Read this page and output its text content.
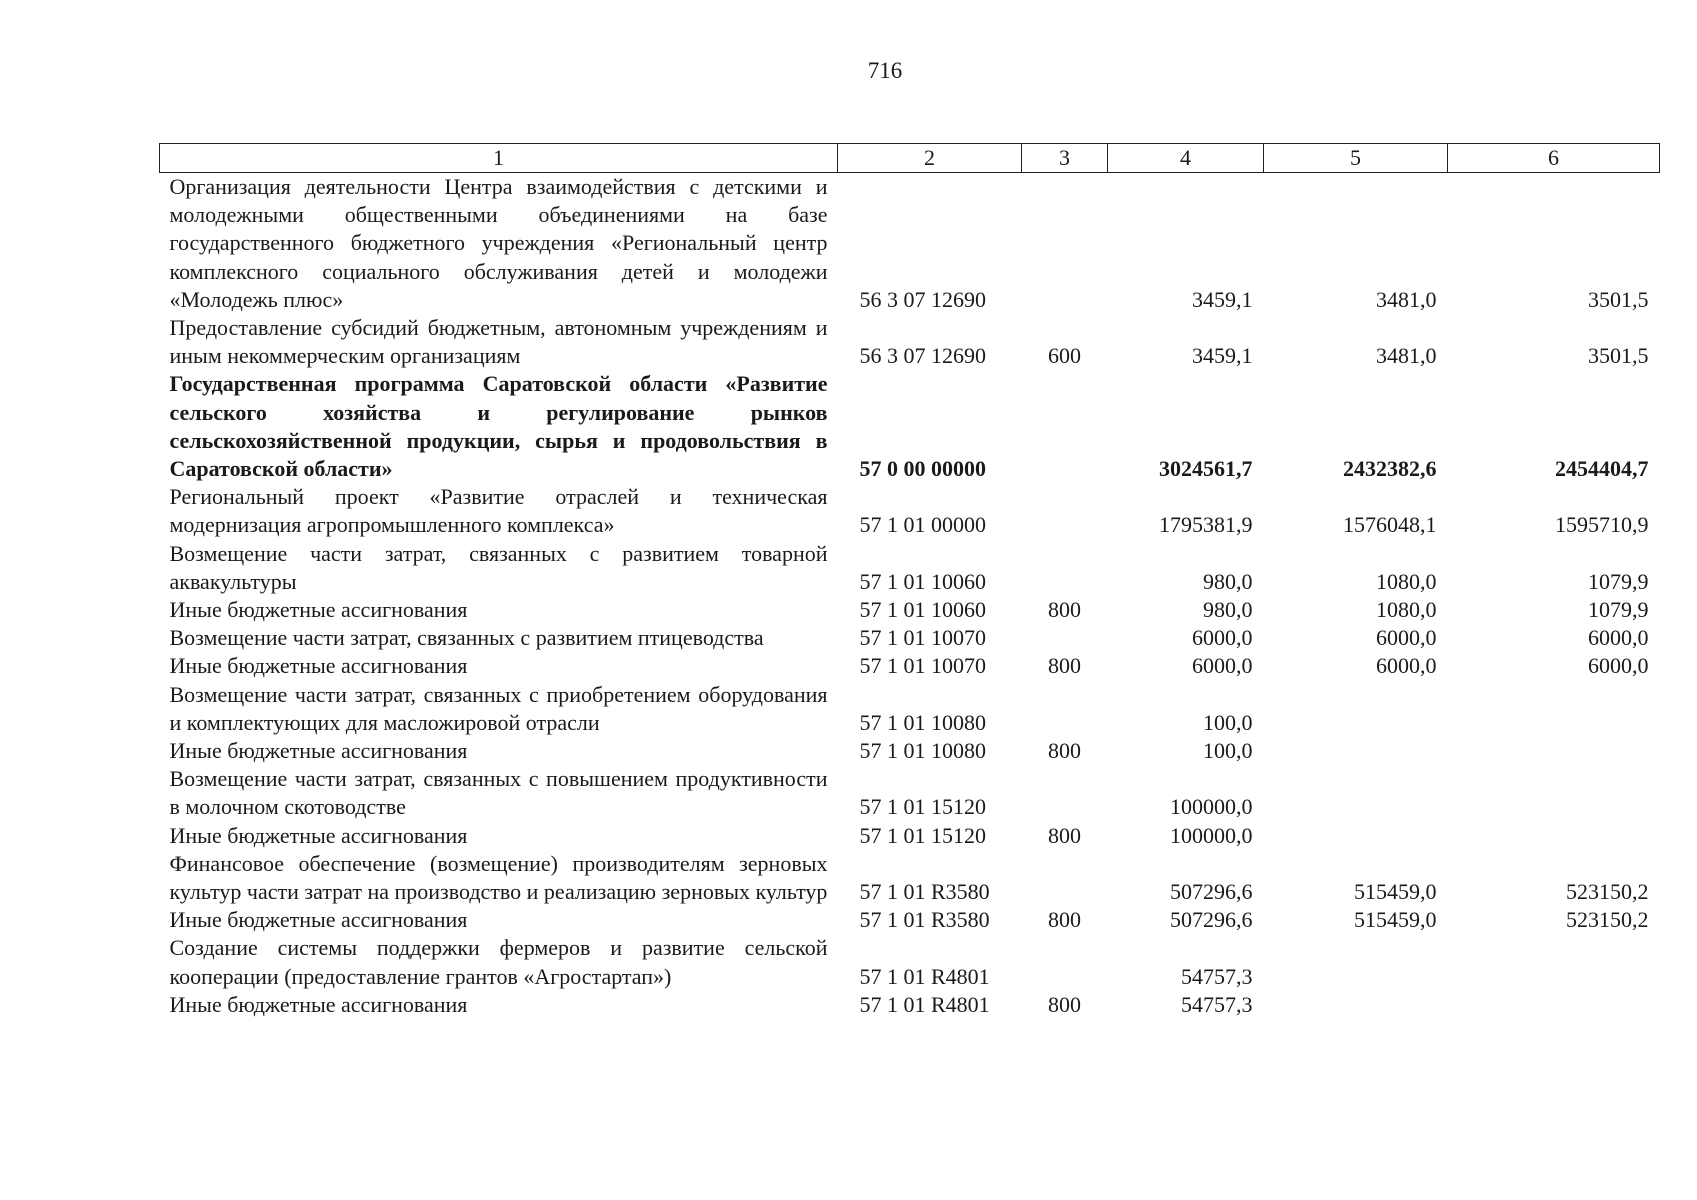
716
1	2	3	4	5	6
Организация деятельности Центра взаимодействия с детскими и молодежными общественными объединениями на базе государственного бюджетного учреждения «Региональный центр комплексного социального обслуживания детей и молодежи «Молодежь плюс»	56 3 07 12690		3459,1	3481,0	3501,5
Предоставление субсидий бюджетным, автономным учреждениям и иным некоммерческим организациям	56 3 07 12690	600	3459,1	3481,0	3501,5
Государственная программа Саратовской области «Развитие сельского хозяйства и регулирование рынков сельскохозяйственной продукции, сырья и продовольствия в Саратовской области»	57 0 00 00000		3024561,7	2432382,6	2454404,7
Региональный проект «Развитие отраслей и техническая модернизация агропромышленного комплекса»	57 1 01 00000		1795381,9	1576048,1	1595710,9
Возмещение части затрат, связанных с развитием товарной аквакультуры	57 1 01 10060		980,0	1080,0	1079,9
Иные бюджетные ассигнования	57 1 01 10060	800	980,0	1080,0	1079,9
Возмещение части затрат, связанных с развитием птицеводства	57 1 01 10070		6000,0	6000,0	6000,0
Иные бюджетные ассигнования	57 1 01 10070	800	6000,0	6000,0	6000,0
Возмещение части затрат, связанных с приобретением оборудования и комплектующих для масложировой отрасли	57 1 01 10080		100,0		
Иные бюджетные ассигнования	57 1 01 10080	800	100,0		
Возмещение части затрат, связанных с повышением продуктивности в молочном скотоводстве	57 1 01 15120		100000,0		
Иные бюджетные ассигнования	57 1 01 15120	800	100000,0		
Финансовое обеспечение (возмещение) производителям зерновых культур части затрат на производство и реализацию зерновых культур	57 1 01 R3580		507296,6	515459,0	523150,2
Иные бюджетные ассигнования	57 1 01 R3580	800	507296,6	515459,0	523150,2
Создание системы поддержки фермеров и развитие сельской кооперации (предоставление грантов «Агростартап»)	57 1 01 R4801		54757,3		
Иные бюджетные ассигнования	57 1 01 R4801	800	54757,3		
